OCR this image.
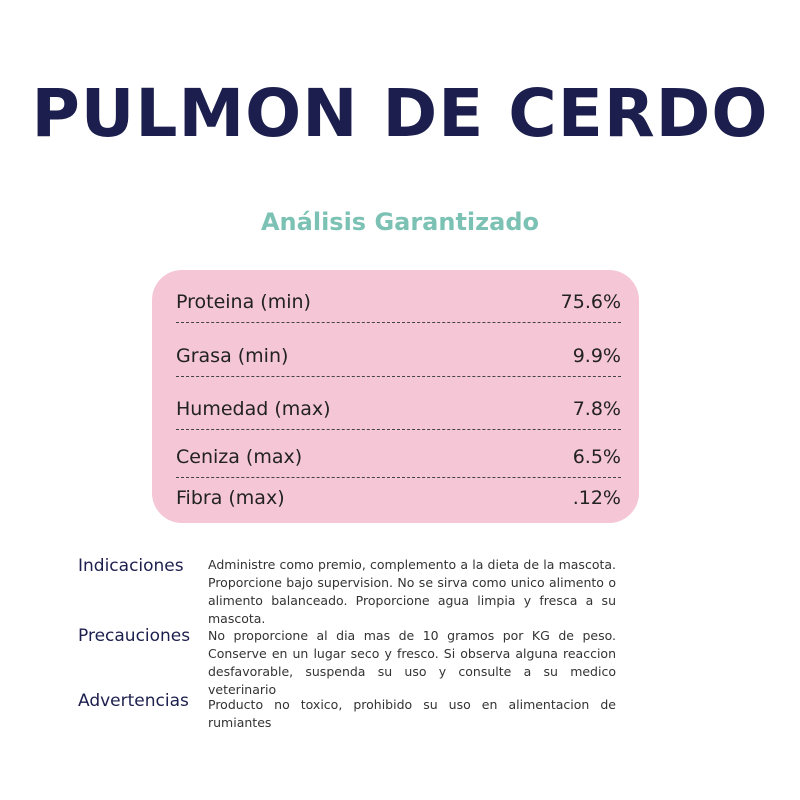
PULMON DE CERDO
Análisis Garantizado
Proteina (min)	75.6%
Grasa (min)	9.9%
Humedad (max)	7.8%
Ceniza (max)	6.5%
Fibra (max)	.12%
Indicaciones	Administre como premio, complemento a la dieta de la mascota. Proporcione bajo supervision. No se sirva como unico alimento o alimento balanceado. Proporcione agua limpia y fresca a su mascota.
Precauciones	No proporcione al dia mas de 10 gramos por KG de peso. Conserve en un lugar seco y fresco. Si observa alguna reaccion desfavorable, suspenda su uso y consulte a su medico veterinario
Advertencias	Producto no toxico, prohibido su uso en alimentacion de rumiantes
